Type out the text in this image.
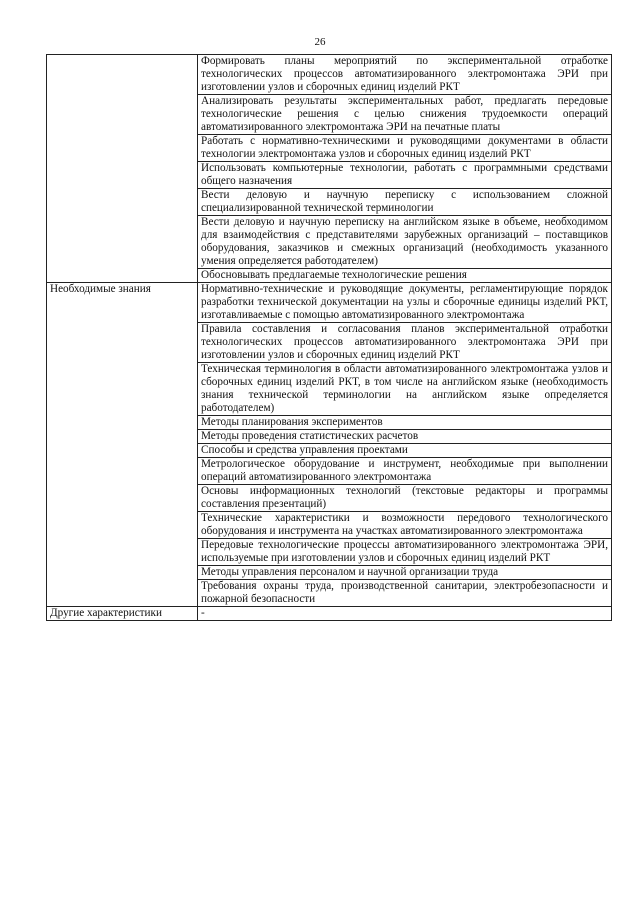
26
	Формировать планы мероприятий по экспериментальной отработке технологических процессов автоматизированного электромонтажа ЭРИ при изготовлении узлов и сборочных единиц изделий РКТ
	Анализировать результаты экспериментальных работ, предлагать передовые технологические решения с целью снижения трудоемкости операций автоматизированного электромонтажа ЭРИ на печатные платы
	Работать с нормативно-техническими и руководящими документами в области технологии электромонтажа узлов и сборочных единиц изделий РКТ
	Использовать компьютерные технологии, работать с программными средствами общего назначения
	Вести деловую и научную переписку с использованием сложной специализированной технической терминологии
	Вести деловую и научную переписку на английском языке в объеме, необходимом для взаимодействия с представителями зарубежных организаций – поставщиков оборудования, заказчиков и смежных организаций (необходимость указанного умения определяется работодателем)
	Обосновывать предлагаемые технологические решения
Необходимые знания	Нормативно-технические и руководящие документы, регламентирующие порядок разработки технической документации на узлы и сборочные единицы изделий РКТ, изготавливаемые с помощью автоматизированного электромонтажа
	Правила составления и согласования планов экспериментальной отработки технологических процессов автоматизированного электромонтажа ЭРИ при изготовлении узлов и сборочных единиц изделий РКТ
	Техническая терминология в области автоматизированного электромонтажа узлов и сборочных единиц изделий РКТ, в том числе на английском языке (необходимость знания технической терминологии на английском языке определяется работодателем)
	Методы планирования экспериментов
	Методы проведения статистических расчетов
	Способы и средства управления проектами
	Метрологическое оборудование и инструмент, необходимые при выполнении операций автоматизированного электромонтажа
	Основы информационных технологий (текстовые редакторы и программы составления презентаций)
	Технические характеристики и возможности передового технологического оборудования и инструмента на участках автоматизированного электромонтажа
	Передовые технологические процессы автоматизированного электромонтажа ЭРИ, используемые при изготовлении узлов и сборочных единиц изделий РКТ
	Методы управления персоналом и научной организации труда
	Требования охраны труда, производственной санитарии, электробезопасности и пожарной безопасности
Другие характеристики	-
